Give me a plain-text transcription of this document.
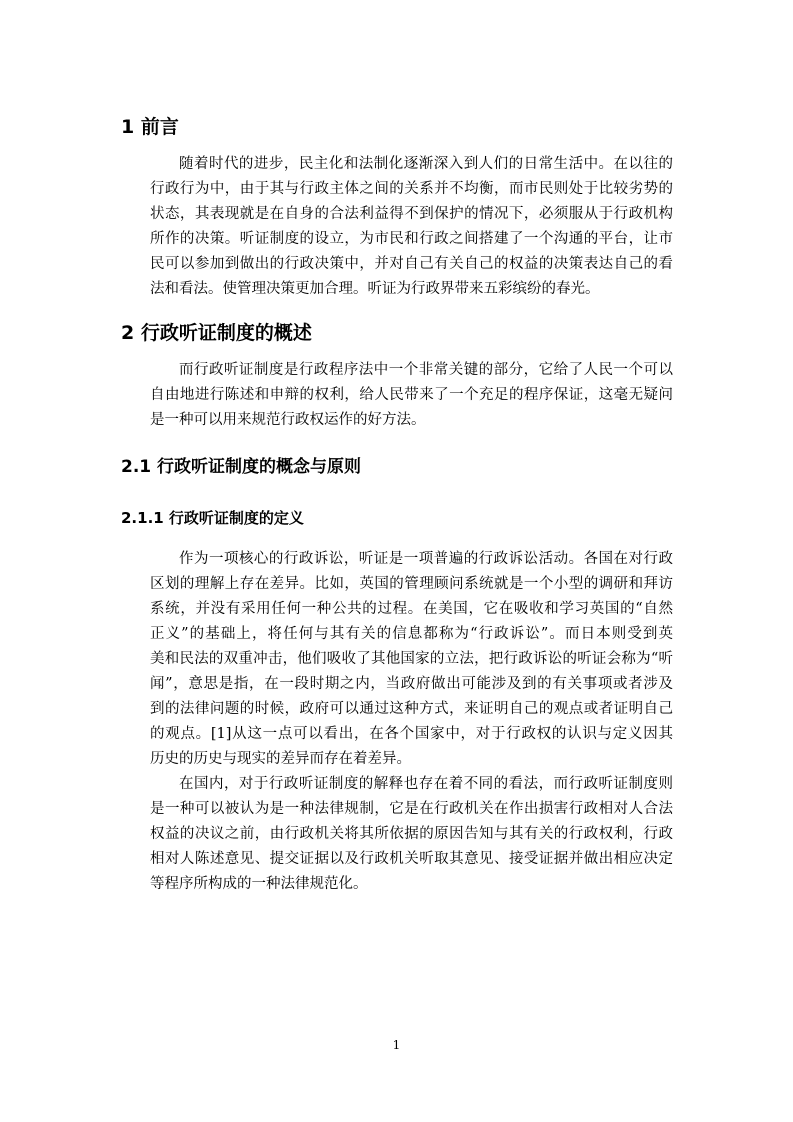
1 前言

随着时代的进步，民主化和法制化逐渐深入到人们的日常生活中。在以往的
行政行为中，由于其与行政主体之间的关系并不均衡，而市民则处于比较劣势的
状态，其表现就是在自身的合法利益得不到保护的情况下，必须服从于行政机构
所作的决策。听证制度的设立，为市民和行政之间搭建了一个沟通的平台，让市
民可以参加到做出的行政决策中，并对自己有关自己的权益的决策表达自己的看
法和看法。使管理决策更加合理。听证为行政界带来五彩缤纷的春光。

2 行政听证制度的概述

而行政听证制度是行政程序法中一个非常关键的部分，它给了人民一个可以
自由地进行陈述和申辩的权利，给人民带来了一个充足的程序保证，这毫无疑问
是一种可以用来规范行政权运作的好方法。

2.1 行政听证制度的概念与原则
2.1.1 行政听证制度的定义

作为一项核心的行政诉讼，听证是一项普遍的行政诉讼活动。各国在对行政
区划的理解上存在差异。比如，英国的管理顾问系统就是一个小型的调研和拜访
系统，并没有采用任何一种公共的过程。在美国，它在吸收和学习英国的“自然
正义”的基础上，将任何与其有关的信息都称为“行政诉讼”。而日本则受到英
美和民法的双重冲击，他们吸收了其他国家的立法，把行政诉讼的听证会称为“听
闻”，意思是指，在一段时期之内，当政府做出可能涉及到的有关事项或者涉及
到的法律问题的时候，政府可以通过这种方式，来证明自己的观点或者证明自己
的观点。[1]从这一点可以看出，在各个国家中，对于行政权的认识与定义因其
历史的历史与现实的差异而存在着差异。

在国内，对于行政听证制度的解释也存在着不同的看法，而行政听证制度则
是一种可以被认为是一种法律规制，它是在行政机关在作出损害行政相对人合法
权益的决议之前，由行政机关将其所依据的原因告知与其有关的行政权利，行政
相对人陈述意见、提交证据以及行政机关听取其意见、接受证据并做出相应决定
等程序所构成的一种法律规范化。

1
